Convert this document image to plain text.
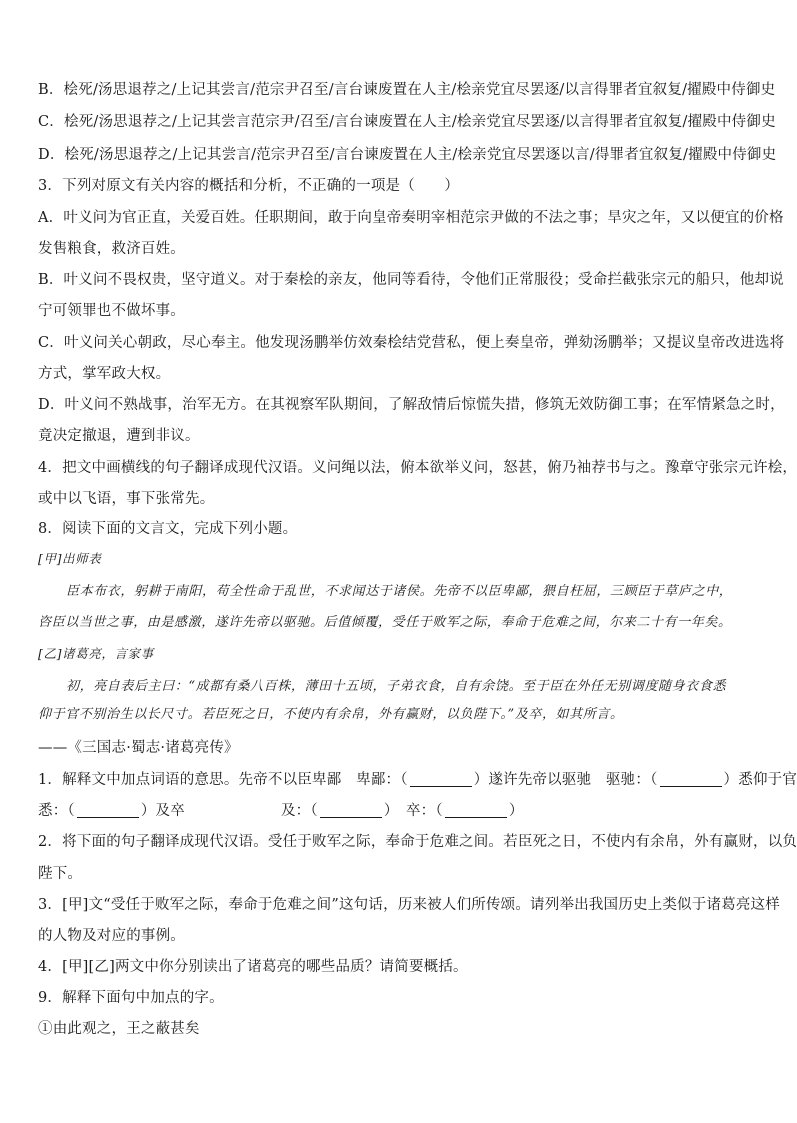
B．桧死/汤思退荐之/上记其尝言/范宗尹召至/言台谏废置在人主/桧亲党宜尽罢逐/以言得罪者宜叙复/擢殿中侍御史
C．桧死/汤思退荐之/上记其尝言范宗尹/召至/言台谏废置在人主/桧亲党宜尽罢逐/以言得罪者宜叙复/擢殿中侍御史
D．桧死/汤思退荐之/上记其尝言/范宗尹召至/言台谏废置在人主/桧亲党宜尽罢逐以言/得罪者宜叙复/擢殿中侍御史
3．下列对原文有关内容的概括和分析，不正确的一项是（　　）
A．叶义问为官正直，关爱百姓。任职期间，敢于向皇帝奏明宰相范宗尹做的不法之事；旱灾之年，又以便宜的价格
发售粮食，救济百姓。
B．叶义问不畏权贵，坚守道义。对于秦桧的亲友，他同等看待，令他们正常服役；受命拦截张宗元的船只，他却说
宁可领罪也不做坏事。
C．叶义问关心朝政，尽心奉主。他发现汤鹏举仿效秦桧结党营私，便上奏皇帝，弹劾汤鹏举；又提议皇帝改进选将
方式，掌军政大权。
D．叶义问不熟战事，治军无方。在其视察军队期间，了解敌情后惊慌失措，修筑无效防御工事；在军情紧急之时，
竟决定撤退，遭到非议。
4．把文中画横线的句子翻译成现代汉语。义问绳以法，俯本欲举义问，怒甚，俯乃袖荐书与之。豫章守张宗元许桧，
或中以飞语，事下张常先。
8．阅读下面的文言文，完成下列小题。
[甲]出师表
臣本布衣，躬耕于南阳，苟全性命于乱世，不求闻达于诸侯。先帝不以臣卑鄙，猥自枉屈，三顾臣于草庐之中，
咨臣以当世之事，由是感激，遂许先帝以驱驰。后值倾覆，受任于败军之际，奉命于危难之间，尔来二十有一年矣。
[乙]诸葛亮，言家事
初，亮自表后主曰：“成都有桑八百株，薄田十五顷，子弟衣食，自有余饶。至于臣在外任无别调度随身衣食悉
仰于官不别治生以长尺寸。若臣死之日，不使内有余帛，外有赢财，以负陛下。”及卒，如其所言。
——《三国志·蜀志·诸葛亮传》
1．解释文中加点词语的意思。先帝不以臣卑鄙　卑鄙：（	）遂许先帝以驱驰　驱驰：（	）悉仰于官
悉：（	）及卒	及：（	）　卒：（	）
2．将下面的句子翻译成现代汉语。受任于败军之际，奉命于危难之间。若臣死之日，不使内有余帛，外有赢财，以负
陛下。
3．[甲]文“受任于败军之际，奉命于危难之间”这句话，历来被人们所传颂。请列举出我国历史上类似于诸葛亮这样
的人物及对应的事例。
4．[甲][乙]两文中你分别读出了诸葛亮的哪些品质？请简要概括。
9．解释下面句中加点的字。
①由此观之，王之蔽甚矣
